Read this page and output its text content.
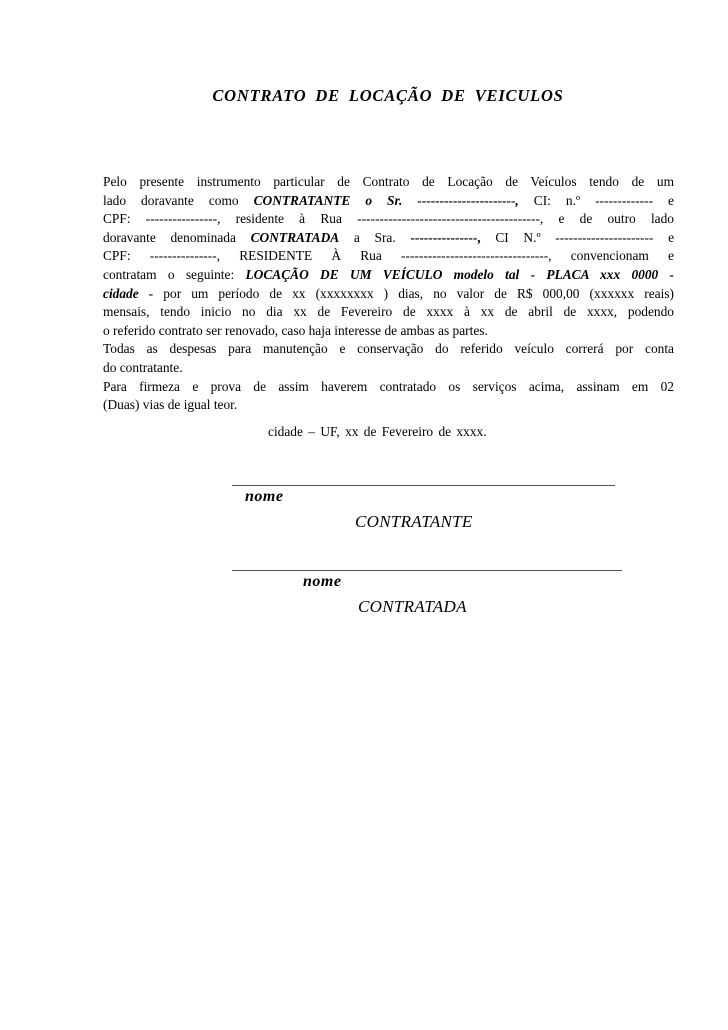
CONTRATO DE LOCAÇÃO DE VEICULOS
Pelo presente instrumento particular de Contrato de Locação de Veículos tendo de um
lado doravante como CONTRATANTE o Sr. ----------------------, CI: n.º ------------- e
CPF: ----------------, residente à Rua -----------------------------------------, e de outro lado
doravante denominada CONTRATADA a Sra. ---------------, CI N.º ---------------------- e
CPF: ---------------, RESIDENTE À Rua ---------------------------------, convencionam e
contratam o seguinte: LOCAÇÃO DE UM VEÍCULO modelo tal - PLACA xxx 0000 -
cidade - por um período de xx (xxxxxxxx ) dias, no valor de R$ 000,00 (xxxxxx reais)
mensais, tendo inicio no dia xx de Fevereiro de xxxx à xx de abril de xxxx, podendo
o referido contrato ser renovado, caso haja interesse de ambas as partes.
Todas as despesas para manutenção e conservação do referido veículo correrá por conta
do contratante.
Para firmeza e prova de assim haverem contratado os serviços acima, assinam em 02
(Duas) vias de igual teor.
cidade – UF, xx de Fevereiro de xxxx.
nome
CONTRATANTE
nome
CONTRATADA
